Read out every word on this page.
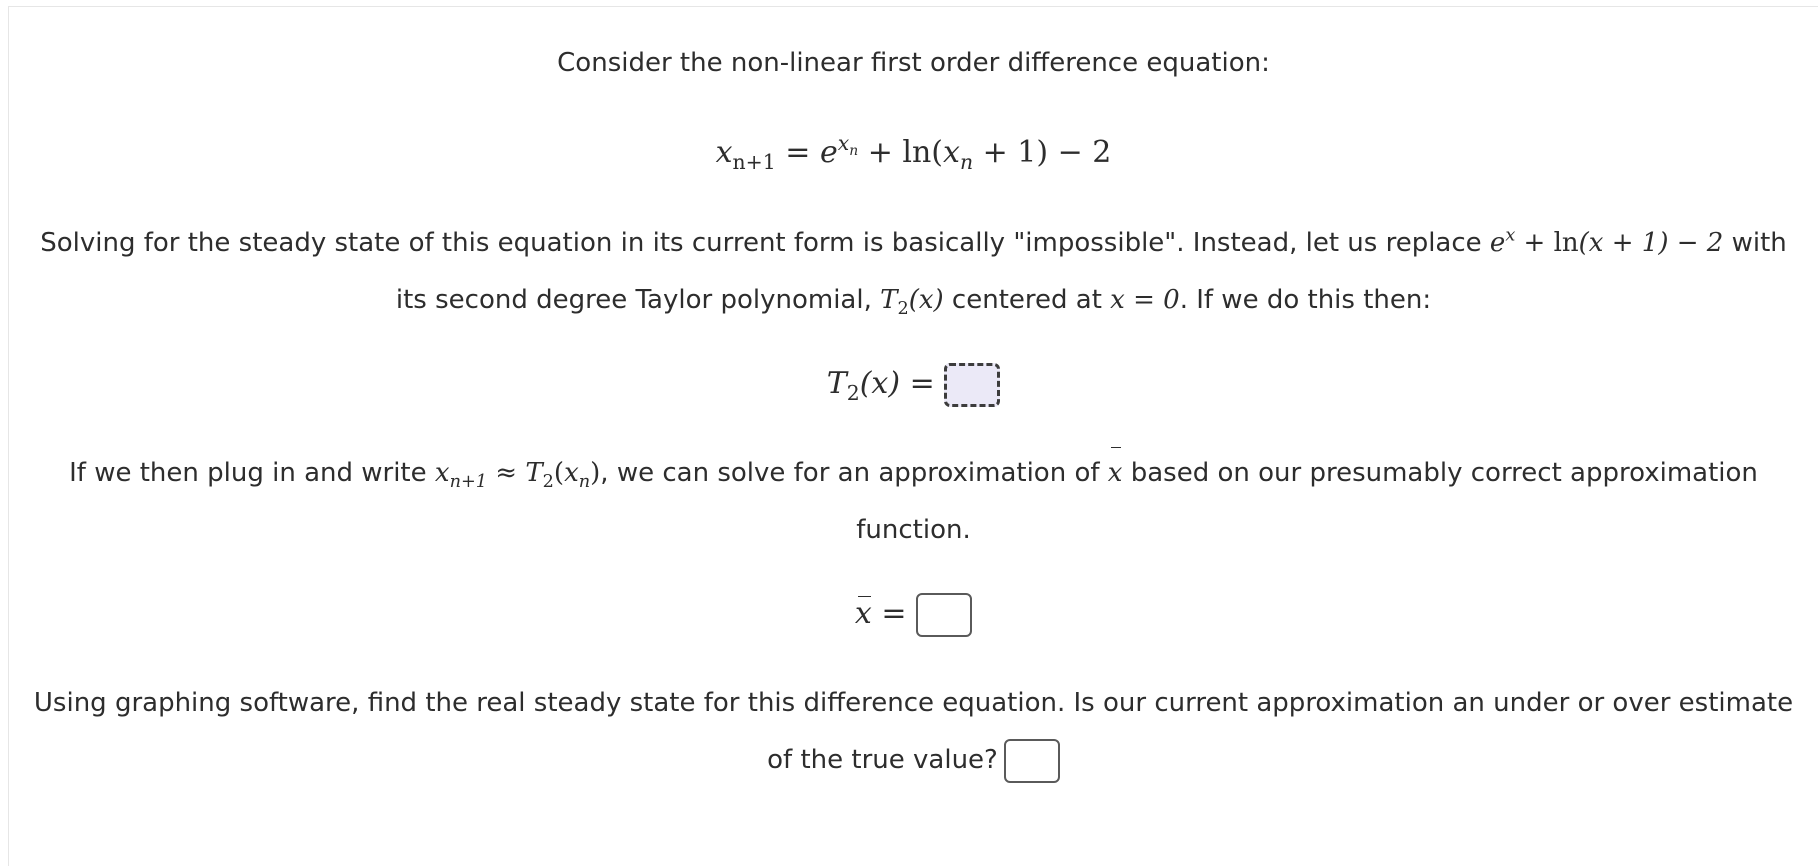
Consider the non-linear first order difference equation:

$x_{n+1} = e^{x_n} + \ln(x_n + 1) - 2$

Solving for the steady state of this equation in its current form is basically "impossible". Instead, let us replace $e^x + \ln(x + 1) - 2$ with its second degree Taylor polynomial, $T_2(x)$ centered at x = 0. If we do this then:

$T_2(x)$ =

If we then plug in and write $x_{n+1} \approx T_2(x_n)$, we can solve for an approximation of x based on our presumably correct approximation function.

x =

Using graphing software, find the real steady state for this difference equation. Is our current approximation an under or over estimate of the true value?
